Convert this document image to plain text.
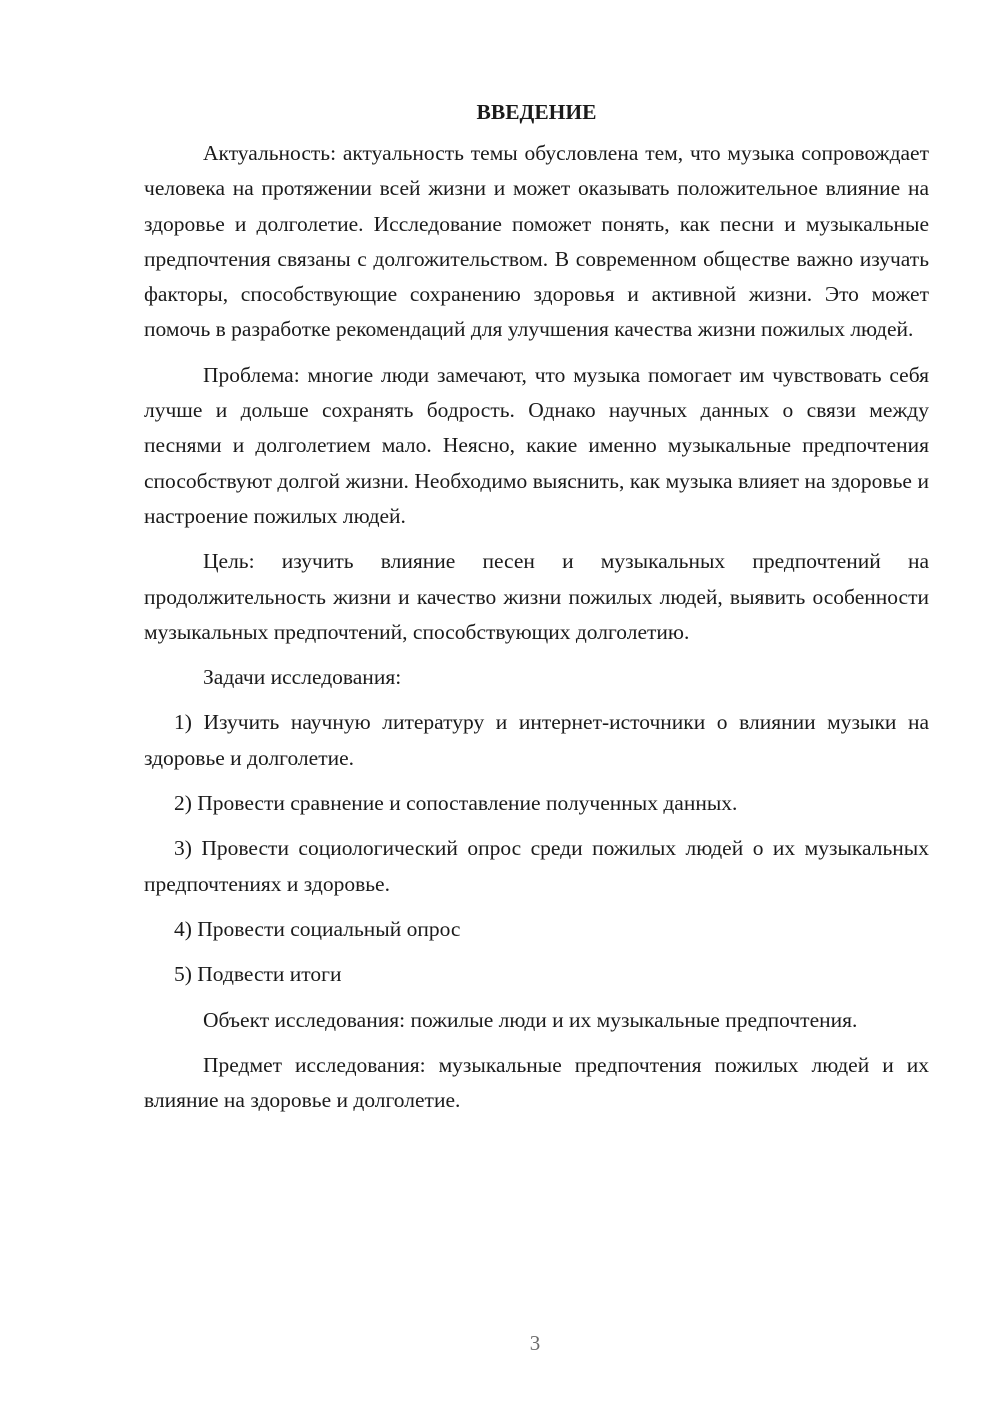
ВВЕДЕНИЕ

Актуальность: актуальность темы обусловлена тем, что музыка сопровождает человека на протяжении всей жизни и может оказывать положительное влияние на здоровье и долголетие. Исследование поможет понять, как песни и музыкальные предпочтения связаны с долгожительством. В современном обществе важно изучать факторы, способствующие сохранению здоровья и активной жизни. Это может помочь в разработке рекомендаций для улучшения качества жизни пожилых людей.

Проблема: многие люди замечают, что музыка помогает им чувствовать себя лучше и дольше сохранять бодрость. Однако научных данных о связи между песнями и долголетием мало. Неясно, какие именно музыкальные предпочтения способствуют долгой жизни. Необходимо выяснить, как музыка влияет на здоровье и настроение пожилых людей.

Цель: изучить влияние песен и музыкальных предпочтений на продолжительность жизни и качество жизни пожилых людей, выявить особенности музыкальных предпочтений, способствующих долголетию.

Задачи исследования:

1) Изучить научную литературу и интернет-источники о влиянии музыки на здоровье и долголетие.

2) Провести сравнение и сопоставление полученных данных.

3) Провести социологический опрос среди пожилых людей о их музыкальных предпочтениях и здоровье.

4) Провести социальный опрос

5) Подвести итоги

Объект исследования: пожилые люди и их музыкальные предпочтения.

Предмет исследования: музыкальные предпочтения пожилых людей и их влияние на здоровье и долголетие.

3
